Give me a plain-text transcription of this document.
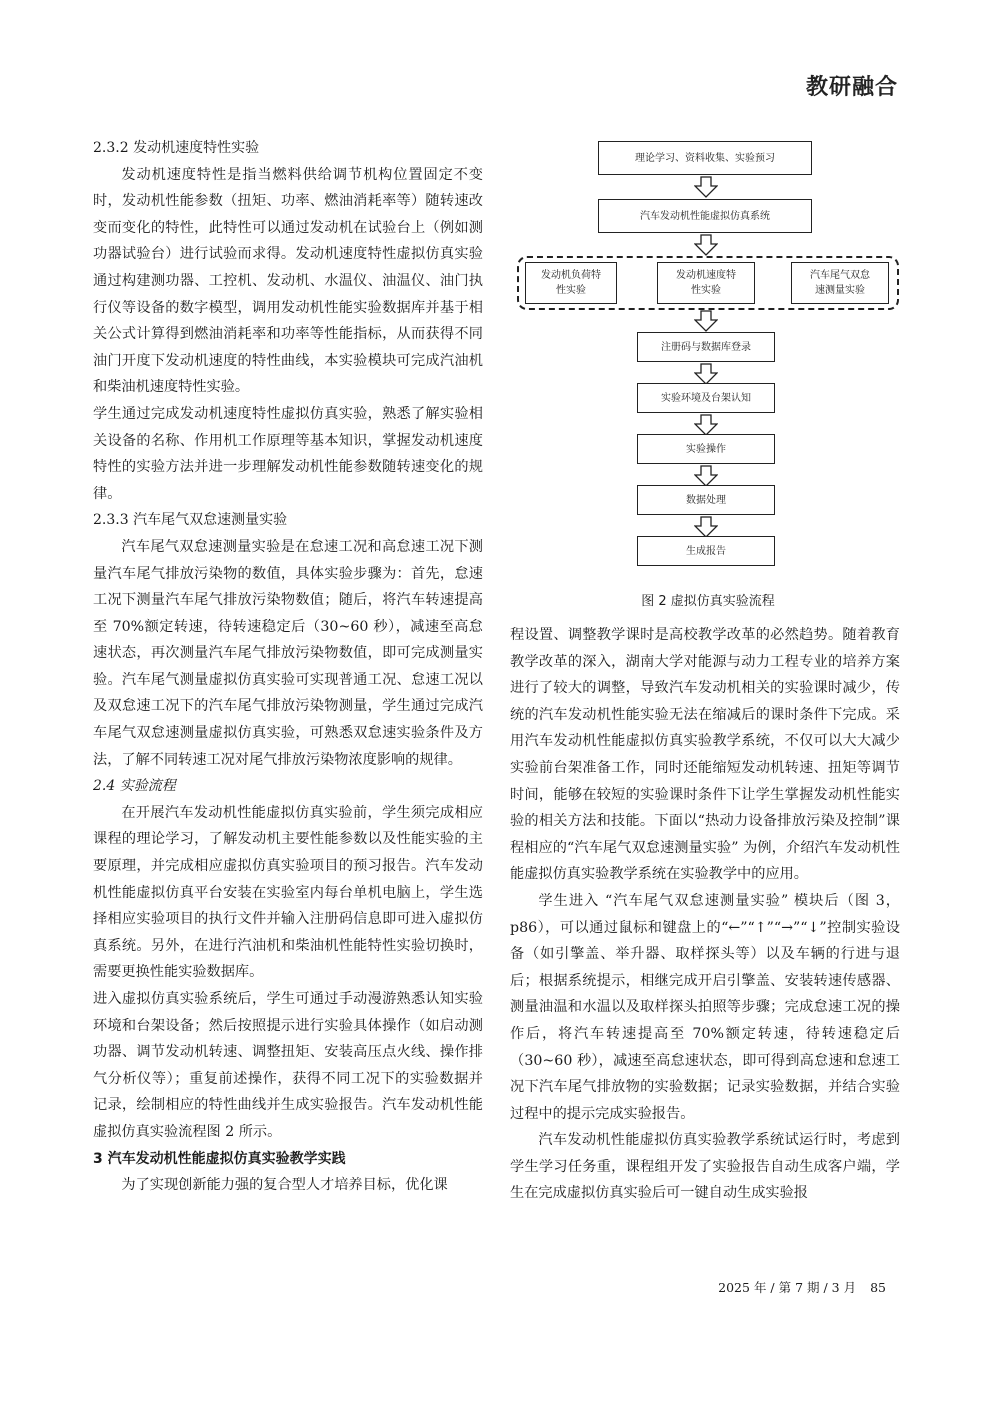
教研融合
2.3.2 发动机速度特性实验

发动机速度特性是指当燃料供给调节机构位置固定不变时，发动机性能参数（扭矩、功率、燃油消耗率等）随转速改变而变化的特性，此特性可以通过发动机在试验台上（例如测功器试验台）进行试验而求得。发动机速度特性虚拟仿真实验通过构建测功器、工控机、发动机、水温仪、油温仪、油门执行仪等设备的数字模型，调用发动机性能实验数据库并基于相关公式计算得到燃油消耗率和功率等性能指标，从而获得不同油门开度下发动机速度的特性曲线，本实验模块可完成汽油机和柴油机速度特性实验。

学生通过完成发动机速度特性虚拟仿真实验，熟悉了解实验相关设备的名称、作用机工作原理等基本知识，掌握发动机速度特性的实验方法并进一步理解发动机性能参数随转速变化的规律。

2.3.3 汽车尾气双怠速测量实验

汽车尾气双怠速测量实验是在怠速工况和高怠速工况下测量汽车尾气排放污染物的数值，具体实验步骤为：首先，怠速工况下测量汽车尾气排放污染物数值；随后，将汽车转速提高至 70%额定转速，待转速稳定后（30~60 秒），减速至高怠速状态，再次测量汽车尾气排放污染物数值，即可完成测量实验。汽车尾气测量虚拟仿真实验可实现普通工况、怠速工况以及双怠速工况下的汽车尾气排放污染物测量，学生通过完成汽车尾气双怠速测量虚拟仿真实验，可熟悉双怠速实验条件及方法，了解不同转速工况对尾气排放污染物浓度影响的规律。

2.4 实验流程

在开展汽车发动机性能虚拟仿真实验前，学生须完成相应课程的理论学习，了解发动机主要性能参数以及性能实验的主要原理，并完成相应虚拟仿真实验项目的预习报告。汽车发动机性能虚拟仿真平台安装在实验室内每台单机电脑上，学生选择相应实验项目的执行文件并输入注册码信息即可进入虚拟仿真系统。另外，在进行汽油机和柴油机性能特性实验切换时，需要更换性能实验数据库。

进入虚拟仿真实验系统后，学生可通过手动漫游熟悉认知实验环境和台架设备；然后按照提示进行实验具体操作（如启动测功器、调节发动机转速、调整扭矩、安装高压点火线、操作排气分析仪等）；重复前述操作，获得不同工况下的实验数据并记录，绘制相应的特性曲线并生成实验报告。汽车发动机性能虚拟仿真实验流程图 2 所示。

3 汽车发动机性能虚拟仿真实验教学实践

为了实现创新能力强的复合型人才培养目标，优化课

理论学习、资料收集、实验预习
汽车发动机性能虚拟仿真系统
发动机负荷特
性实验
发动机速度特
性实验
汽车尾气双怠
速测量实验
注册码与数据库登录
实验环境及台架认知
实验操作
数据处理
生成报告
图 2 虚拟仿真实验流程

程设置、调整教学课时是高校教学改革的必然趋势。随着教育教学改革的深入，湖南大学对能源与动力工程专业的培养方案进行了较大的调整，导致汽车发动机相关的实验课时减少，传统的汽车发动机性能实验无法在缩减后的课时条件下完成。采用汽车发动机性能虚拟仿真实验教学系统，不仅可以大大减少实验前台架准备工作，同时还能缩短发动机转速、扭矩等调节时间，能够在较短的实验课时条件下让学生掌握发动机性能实验的相关方法和技能。下面以“热动力设备排放污染及控制”课程相应的“汽车尾气双怠速测量实验” 为例，介绍汽车发动机性能虚拟仿真实验教学系统在实验教学中的应用。

学生进入 “汽车尾气双怠速测量实验” 模块后（图 3，p86），可以通过鼠标和键盘上的“←”“↑”“→”“↓”控制实验设备（如引擎盖、举升器、取样探头等）以及车辆的行进与退后；根据系统提示，相继完成开启引擎盖、安装转速传感器、测量油温和水温以及取样探头拍照等步骤；完成怠速工况的操作后，将汽车转速提高至 70%额定转速，待转速稳定后（30~60 秒），减速至高怠速状态，即可得到高怠速和怠速工况下汽车尾气排放物的实验数据；记录实验数据，并结合实验过程中的提示完成实验报告。

汽车发动机性能虚拟仿真实验教学系统试运行时，考虑到学生学习任务重，课程组开发了实验报告自动生成客户端，学生在完成虚拟仿真实验后可一键自动生成实验报

2025 年 / 第 7 期 / 3 月 85
